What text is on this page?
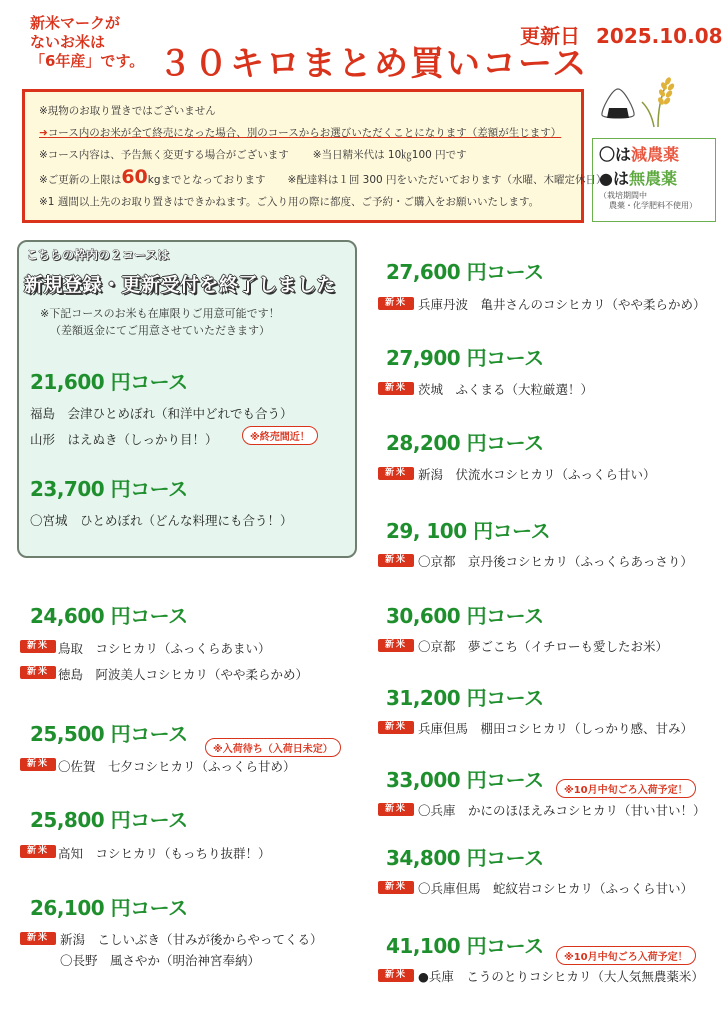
新米マークが
ないお米は
「6年産」です。 ３０キロまとめ買いコース
更新日 2025.10.08
※現物のお取り置きではございません
➜コース内のお米が全て終売になった場合、別のコースからお選びいただくことになります（差額が生じます）
※コース内容は、予告無く変更する場合がございます ※当日精米代は 10㎏100 円です
※ご更新の上限は60kgまでとなっております ※配達料は１回 300 円をいただいております（水曜、木曜定休日）
※1 週間以上先のお取り置きはできかねます。ご入り用の際に都度、ご予約・ご購入をお願いいたします。
〇は減農薬
●は無農薬
（栽培期間中
農薬・化学肥料不使用）
こちらの枠内の２コースは
新規登録・更新受付を終了しました
※下記コースのお米も在庫限りご用意可能です！
（差額返金にてご用意させていただきます）
21,600 円コース
福島　会津ひとめぼれ（和洋中どれでも合う）
山形　はえぬき（しっかり目！）	※終売間近！
23,700 円コース
〇宮城　ひとめぼれ（どんな料理にも合う！）
24,600 円コース
新米 鳥取　コシヒカリ（ふっくらあまい）
新米 徳島　阿波美人コシヒカリ（やや柔らかめ）
25,500 円コース
※入荷待ち（入荷日未定）
新米 〇佐賀　七夕コシヒカリ（ふっくら甘め）
25,800 円コース
新米 高知　コシヒカリ（もっちり抜群！）
26,100 円コース
新米 新潟　こしいぶき（甘みが後からやってくる）
〇長野　風さやか（明治神宮奉納）
27,600 円コース
新米 兵庫丹波　亀井さんのコシヒカリ（やや柔らかめ）
27,900 円コース
新米 茨城　ふくまる（大粒厳選！）
28,200 円コース
新米 新潟　伏流水コシヒカリ（ふっくら甘い）
29, 100 円コース
新米 〇京都　京丹後コシヒカリ（ふっくらあっさり）
30,600 円コース
新米 〇京都　夢ごこち（イチローも愛したお米）
31,200 円コース
新米 兵庫但馬　棚田コシヒカリ（しっかり感、甘み）
33,000 円コース	※10月中旬ごろ入荷予定！
新米 〇兵庫　かにのほほえみコシヒカリ（甘い甘い！）
34,800 円コース
新米 〇兵庫但馬　蛇紋岩コシヒカリ（ふっくら甘い）
41,100 円コース	※10月中旬ごろ入荷予定！
新米 ●兵庫　こうのとりコシヒカリ（大人気無農薬米）
